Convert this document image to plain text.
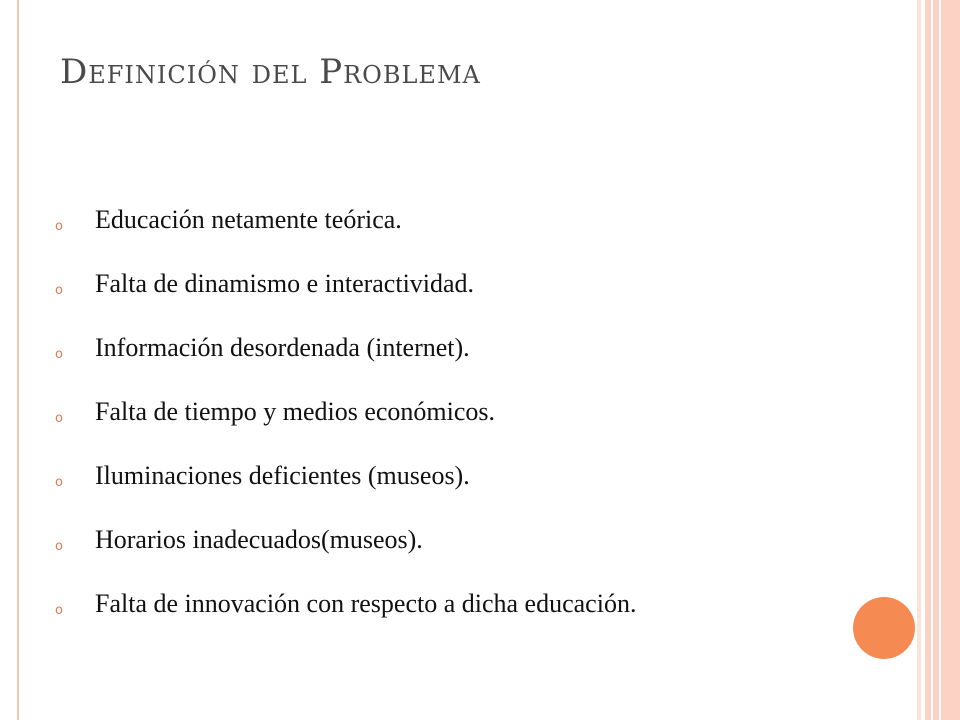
Definición del Problema
o	Educación netamente teórica.
o	Falta de dinamismo e interactividad.
o	Información desordenada (internet).
o	Falta de tiempo y medios económicos.
o	Iluminaciones deficientes (museos).
o	Horarios inadecuados(museos).
o	Falta de innovación con respecto a dicha educación.
